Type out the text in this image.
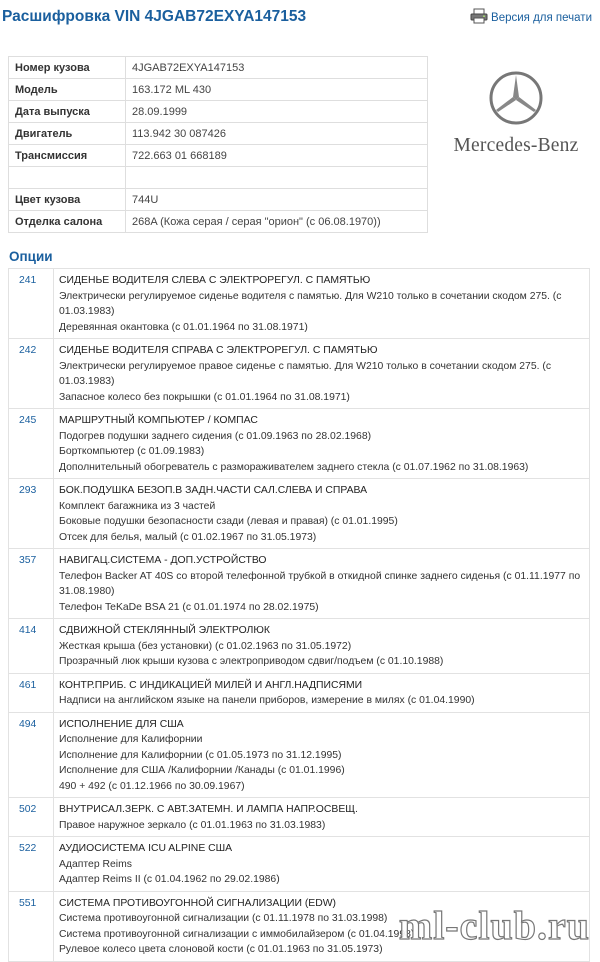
Расшифровка VIN 4JGAB72EXYA147153	Версия для печати
Номер кузова	4JGAB72EXYA147153
Модель	163.172 ML 430
Дата выпуска	28.09.1999
Двигатель	113.942 30 087426
Трансмиссия	722.663 01 668189

Цвет кузова	744U
Отделка салона	268A (Кожа серая / серая "орион" (с 06.08.1970))
Mercedes-Benz
Опции
241	СИДЕНЬЕ ВОДИТЕЛЯ СЛЕВА С ЭЛЕКТРОРЕГУЛ. С ПАМЯТЬЮ
Электрически регулируемое сиденье водителя с памятью. Для W210 только в сочетании скодом 275. (с 01.03.1983)
Деревянная окантовка (с 01.01.1964 по 31.08.1971)

242	СИДЕНЬЕ ВОДИТЕЛЯ СПРАВА С ЭЛЕКТРОРЕГУЛ. С ПАМЯТЬЮ
Электрически регулируемое правое сиденье с памятью. Для W210 только в сочетании скодом 275. (с 01.03.1983)
Запасное колесо без покрышки (с 01.01.1964 по 31.08.1971)

245	МАРШРУТНЫЙ КОМПЬЮТЕР / КОМПАС
Подогрев подушки заднего сидения (с 01.09.1963 по 28.02.1968)
Борткомпьютер (с 01.09.1983)
Дополнительный обогреватель с размораживателем заднего стекла (с 01.07.1962 по 31.08.1963)

293	БОК.ПОДУШКА БЕЗОП.В ЗАДН.ЧАСТИ САЛ.СЛЕВА И СПРАВА
Комплект багажника из 3 частей
Боковые подушки безопасности сзади (левая и правая) (с 01.01.1995)
Отсек для белья, малый (с 01.02.1967 по 31.05.1973)

357	НАВИГАЦ.СИСТЕМА - ДОП.УСТРОЙСТВО
Телефон Backer AT 40S со второй телефонной трубкой в откидной спинке заднего сиденья (с 01.11.1977 по 31.08.1980)
Телефон TeKaDe BSA 21 (с 01.01.1974 по 28.02.1975)

414	СДВИЖНОЙ СТЕКЛЯННЫЙ ЭЛЕКТРОЛЮК
Жесткая крыша (без установки) (с 01.02.1963 по 31.05.1972)
Прозрачный люк крыши кузова с электроприводом сдвиг/подъем (с 01.10.1988)

461	КОНТР.ПРИБ. С ИНДИКАЦИЕЙ МИЛЕЙ И АНГЛ.НАДПИСЯМИ
Надписи на английском языке на панели приборов, измерение в милях (с 01.04.1990)

494	ИСПОЛНЕНИЕ ДЛЯ США
Исполнение для Калифорнии
Исполнение для Калифорнии (с 01.05.1973 по 31.12.1995)
Исполнение для США /Калифорнии /Канады (с 01.01.1996)
490 + 492 (с 01.12.1966 по 30.09.1967)

502	ВНУТРИСАЛ.ЗЕРК. С АВТ.ЗАТЕМН. И ЛАМПА НАПР.ОСВЕЩ.
Правое наружное зеркало (с 01.01.1963 по 31.03.1983)

522	АУДИОСИСТЕМА ICU ALPINE США
Адаптер Reims
Адаптер Reims II (с 01.04.1962 по 29.02.1986)

551	СИСТЕМА ПРОТИВОУГОННОЙ СИГНАЛИЗАЦИИ (EDW)
Система противоугонной сигнализации (с 01.11.1978 по 31.03.1998)
Система противоугонной сигнализации с иммобилайзером (с 01.04.1998)
Рулевое колесо цвета слоновой кости (с 01.01.1963 по 31.05.1973)
ml-club.ru
